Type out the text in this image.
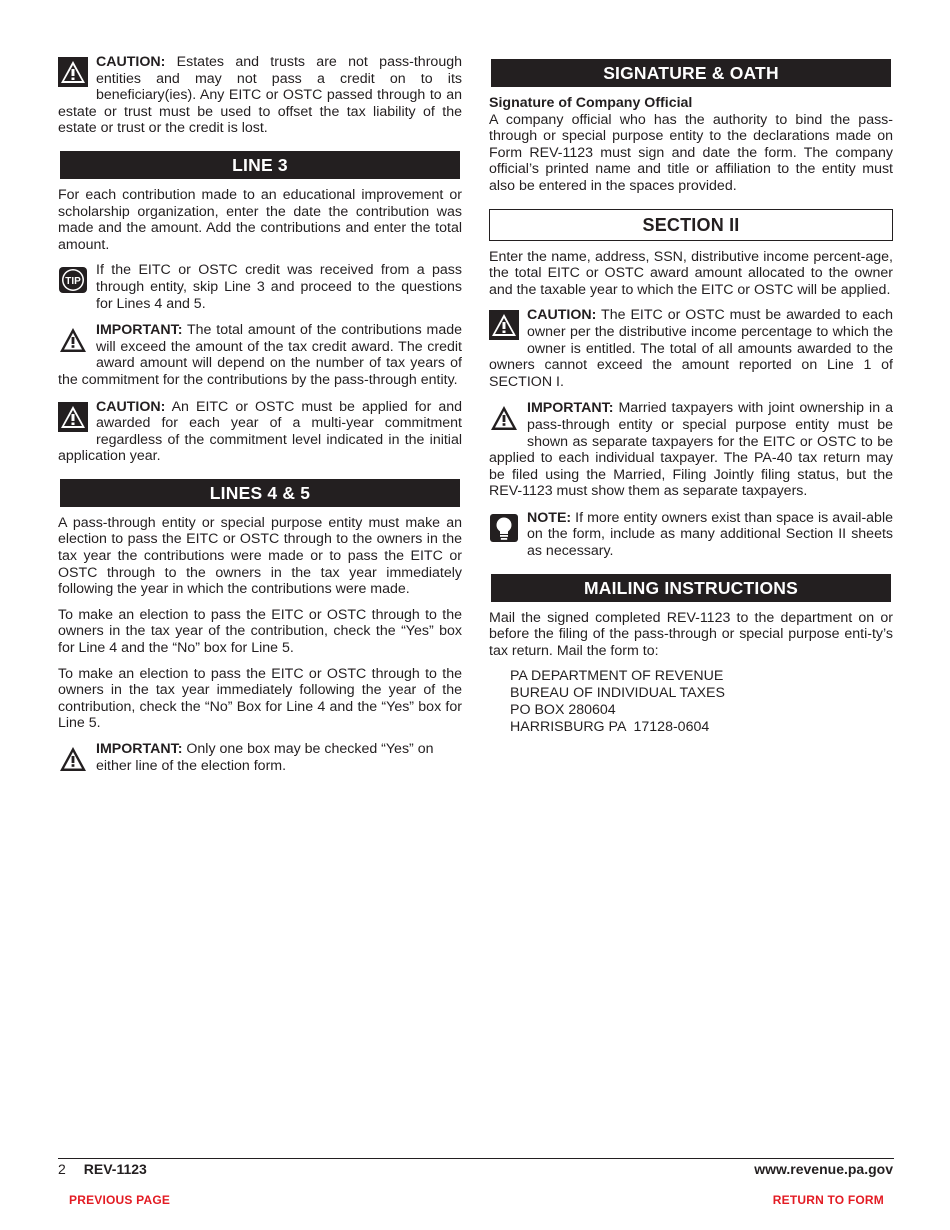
CAUTION: Estates and trusts are not pass-through entities and may not pass a credit on to its beneficiary(ies). Any EITC or OSTC passed through to an estate or trust must be used to offset the tax liability of the estate or trust or the credit is lost.

LINE 3

For each contribution made to an educational improvement or scholarship organization, enter the date the contribution was made and the amount. Add the contributions and enter the total amount.

TIP

If the EITC or OSTC credit was received from a pass through entity, skip Line 3 and proceed to the questions for Lines 4 and 5.

IMPORTANT: The total amount of the contributions made will exceed the amount of the tax credit award. The credit award amount will depend on the number of tax years of the commitment for the contributions by the pass-through entity.

CAUTION: An EITC or OSTC must be applied for and awarded for each year of a multi-year commitment regardless of the commitment level indicated in the initial application year.

LINES 4 & 5

A pass-through entity or special purpose entity must make an election to pass the EITC or OSTC through to the owners in the tax year the contributions were made or to pass the EITC or OSTC through to the owners in the tax year immediately following the year in which the contributions were made.

To make an election to pass the EITC or OSTC through to the owners in the tax year of the contribution, check the “Yes” box for Line 4 and the “No” box for Line 5.

To make an election to pass the EITC or OSTC through to the owners in the tax year immediately following the year of the contribution, check the “No” Box for Line 4 and the “Yes” box for Line 5.

IMPORTANT: Only one box may be checked “Yes” on either line of the election form.

SIGNATURE & OATH

Signature of Company Official

A company official who has the authority to bind the pass-through or special purpose entity to the declarations made on Form REV-1123 must sign and date the form. The company official’s printed name and title or affiliation to the entity must also be entered in the spaces provided.

SECTION II

Enter the name, address, SSN, distributive income percent-age, the total EITC or OSTC award amount allocated to the owner and the taxable year to which the EITC or OSTC will be applied.

CAUTION: The EITC or OSTC must be awarded to each owner per the distributive income percentage to which the owner is entitled. The total of all amounts awarded to the owners cannot exceed the amount reported on Line 1 of SECTION I.

IMPORTANT: Married taxpayers with joint ownership in a pass-through entity or special purpose entity must be shown as separate taxpayers for the EITC or OSTC to be applied to each individual taxpayer. The PA-40 tax return may be filed using the Married, Filing Jointly filing status, but the REV-1123 must show them as separate taxpayers.

NOTE: If more entity owners exist than space is avail-able on the form, include as many additional Section II sheets as necessary.

MAILING INSTRUCTIONS

Mail the signed completed REV-1123 to the department on or before the filing of the pass-through or special purpose enti-ty’s tax return. Mail the form to:

PA DEPARTMENT OF REVENUE
BUREAU OF INDIVIDUAL TAXES
PO BOX 280604
HARRISBURG PA  17128-0604
2 REV-1123	www.revenue.pa.gov
PREVIOUS PAGE	RETURN TO FORM
